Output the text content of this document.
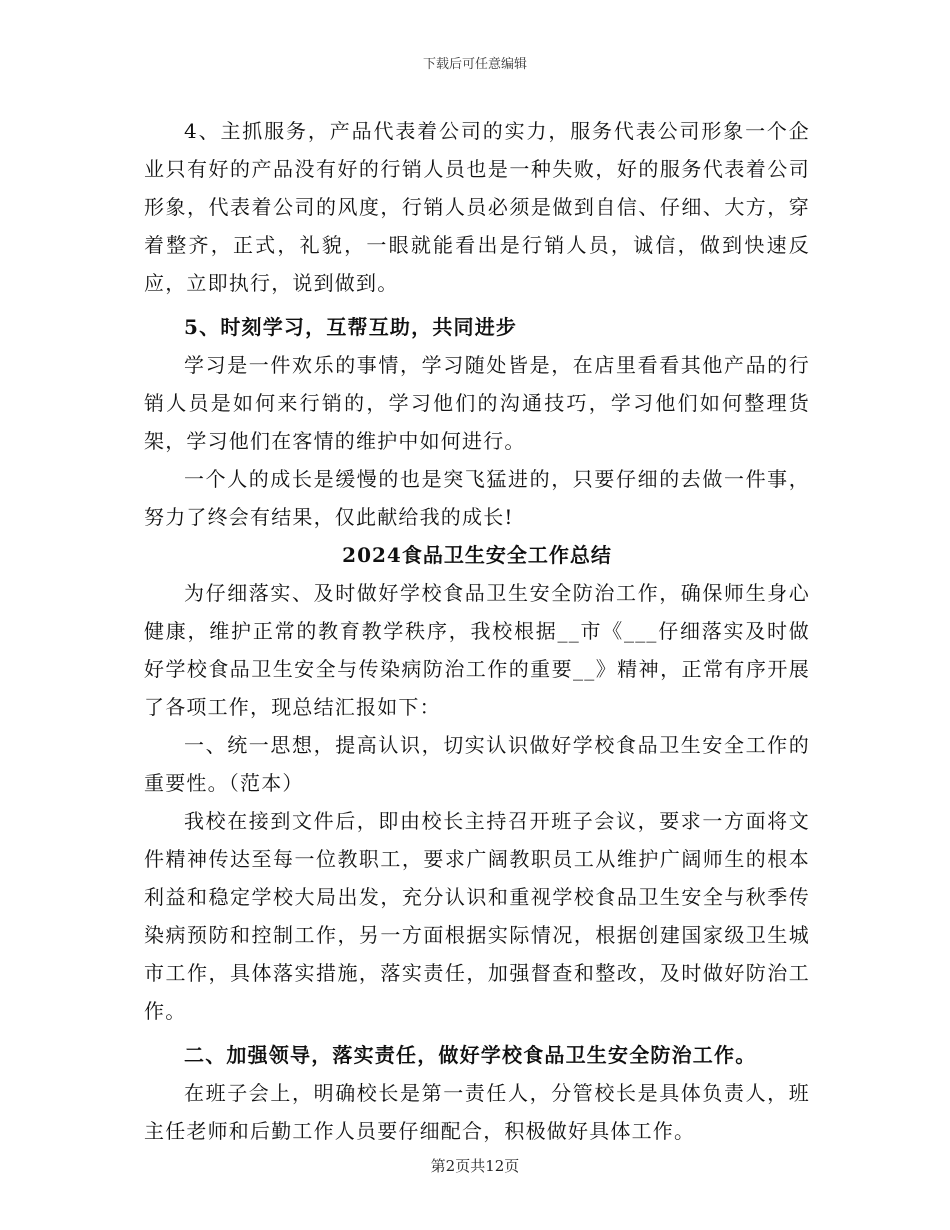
下载后可任意编辑

4、主抓服务，产品代表着公司的实力，服务代表公司形象一个企业只有好的产品没有好的行销人员也是一种失败，好的服务代表着公司形象，代表着公司的风度，行销人员必须是做到自信、仔细、大方，穿着整齐，正式，礼貌，一眼就能看出是行销人员，诚信，做到快速反应，立即执行，说到做到。

5、时刻学习，互帮互助，共同进步

学习是一件欢乐的事情，学习随处皆是，在店里看看其他产品的行销人员是如何来行销的，学习他们的沟通技巧，学习他们如何整理货架，学习他们在客情的维护中如何进行。

一个人的成长是缓慢的也是突飞猛进的，只要仔细的去做一件事，努力了终会有结果，仅此献给我的成长!

2024食品卫生安全工作总结

为仔细落实、及时做好学校食品卫生安全防治工作，确保师生身心健康，维护正常的教育教学秩序，我校根据__市《___仔细落实及时做好学校食品卫生安全与传染病防治工作的重要__》精神，正常有序开展了各项工作，现总结汇报如下：

一、统一思想，提高认识，切实认识做好学校食品卫生安全工作的重要性。（范本）

我校在接到文件后，即由校长主持召开班子会议，要求一方面将文件精神传达至每一位教职工，要求广阔教职员工从维护广阔师生的根本利益和稳定学校大局出发，充分认识和重视学校食品卫生安全与秋季传染病预防和控制工作，另一方面根据实际情况，根据创建国家级卫生城市工作，具体落实措施，落实责任，加强督查和整改，及时做好防治工作。

二、加强领导，落实责任，做好学校食品卫生安全防治工作。

在班子会上，明确校长是第一责任人，分管校长是具体负责人，班主任老师和后勤工作人员要仔细配合，积极做好具体工作。

第2页共12页
